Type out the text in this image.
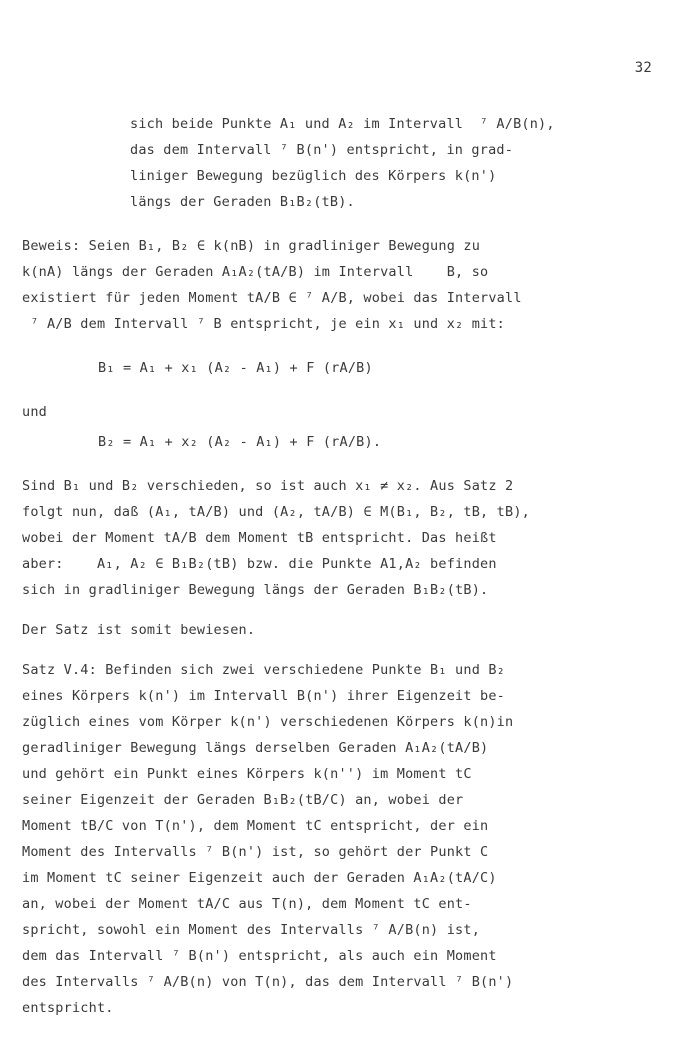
32
sich beide Punkte A₁ und A₂ im Intervall  ⁷ A/B(n),
das dem Intervall ⁷ B(n') entspricht, in grad-
liniger Bewegung bezüglich des Körpers k(n')
längs der Geraden B₁B₂(tB).
Beweis: Seien B₁, B₂ ∈ k(nB) in gradliniger Bewegung zu
k(nA) längs der Geraden A₁A₂(tA/B) im Intervall    B, so
existiert für jeden Moment tA/B ∈ ⁷ A/B, wobei das Intervall
⁷ A/B dem Intervall ⁷ B entspricht, je ein x₁ und x₂ mit:
B₁ = A₁ + x₁ (A₂ - A₁) + F (rA/B)
und
B₂ = A₁ + x₂ (A₂ - A₁) + F (rA/B).
Sind B₁ und B₂ verschieden, so ist auch x₁ ≠ x₂. Aus Satz 2
folgt nun, daß (A₁, tA/B) und (A₂, tA/B) ∈ M(B₁, B₂, tB, tB),
wobei der Moment tA/B dem Moment tB entspricht. Das heißt
aber:    A₁, A₂ ∈ B₁B₂(tB) bzw. die Punkte A1,A₂ befinden
sich in gradliniger Bewegung längs der Geraden B₁B₂(tB).
Der Satz ist somit bewiesen.
Satz V.4: Befinden sich zwei verschiedene Punkte B₁ und B₂
eines Körpers k(n') im Intervall B(n') ihrer Eigenzeit be-
züglich eines vom Körper k(n') verschiedenen Körpers k(n)in
geradliniger Bewegung längs derselben Geraden A₁A₂(tA/B)
und gehört ein Punkt eines Körpers k(n'') im Moment tC
seiner Eigenzeit der Geraden B₁B₂(tB/C) an, wobei der
Moment tB/C von T(n'), dem Moment tC entspricht, der ein
Moment des Intervalls ⁷ B(n') ist, so gehört der Punkt C
im Moment tC seiner Eigenzeit auch der Geraden A₁A₂(tA/C)
an, wobei der Moment tA/C aus T(n), dem Moment tC ent-
spricht, sowohl ein Moment des Intervalls ⁷ A/B(n) ist,
dem das Intervall ⁷ B(n') entspricht, als auch ein Moment
des Intervalls ⁷ A/B(n) von T(n), das dem Intervall ⁷ B(n')
entspricht.
